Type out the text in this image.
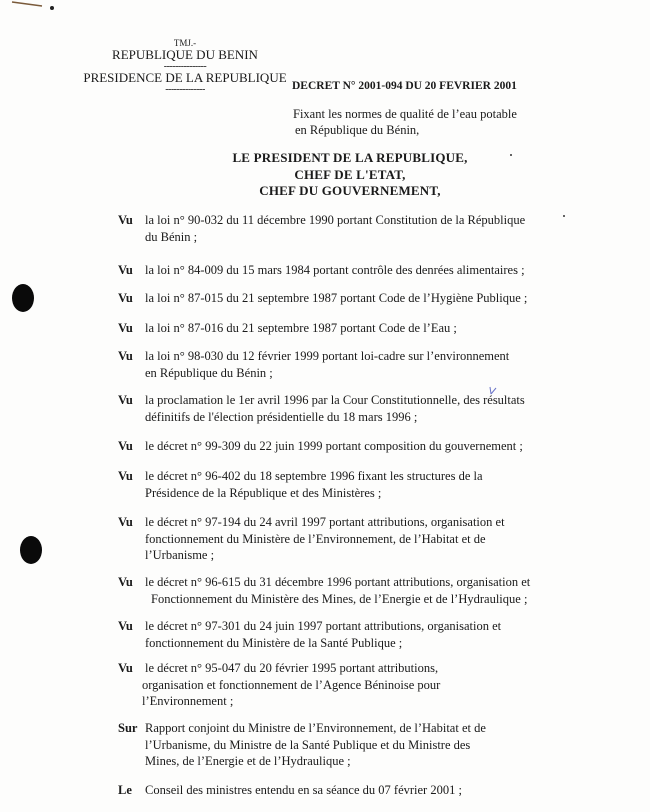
TMJ.-
REPUBLIQUE DU BENIN
---------------
PRESIDENCE DE LA REPUBLIQUE
--------------	DECRET N° 2001-094 DU 20 FEVRIER 2001
Fixant les normes de qualité de l’eau potable
en République du Bénin,
LE PRESIDENT DE LA REPUBLIQUE,
CHEF DE L'ETAT,
CHEF DU GOUVERNEMENT,
Vu la loi n° 90-032 du 11 décembre 1990 portant Constitution de la République
du Bénin ;
Vu la loi n° 84-009 du 15 mars 1984 portant contrôle des denrées alimentaires ;
Vu la loi n° 87-015 du 21 septembre 1987 portant Code de l’Hygiène Publique ;
Vu la loi n° 87-016 du 21 septembre 1987 portant Code de l’Eau ;
Vu la loi n° 98-030 du 12 février 1999 portant loi-cadre sur l’environnement
en République du Bénin ;
Vu la proclamation le 1er avril 1996 par la Cour Constitutionnelle, des résultats
définitifs de l'élection présidentielle du 18 mars 1996 ;
Vu le décret n° 99-309 du 22 juin 1999 portant composition du gouvernement ;
Vu le décret n° 96-402 du 18 septembre 1996 fixant les structures de la
Présidence de la République et des Ministères ;
Vu le décret n° 97-194 du 24 avril 1997 portant attributions, organisation et
fonctionnement du Ministère de l’Environnement, de l’Habitat et de
l’Urbanisme ;
Vu le décret n° 96-615 du 31 décembre 1996 portant attributions, organisation et
Fonctionnement du Ministère des Mines, de l’Energie et de l’Hydraulique ;
Vu le décret n° 97-301 du 24 juin 1997 portant attributions, organisation et
fonctionnement du Ministère de la Santé Publique ;
Vu le décret n° 95-047 du 20 février 1995 portant attributions,
organisation et fonctionnement de l’Agence Béninoise pour
l’Environnement ;
Sur Rapport conjoint du Ministre de l’Environnement, de l’Habitat et de
l’Urbanisme, du Ministre de la Santé Publique et du Ministre des
Mines, de l’Energie et de l’Hydraulique ;
Le Conseil des ministres entendu en sa séance du 07 février 2001 ;
